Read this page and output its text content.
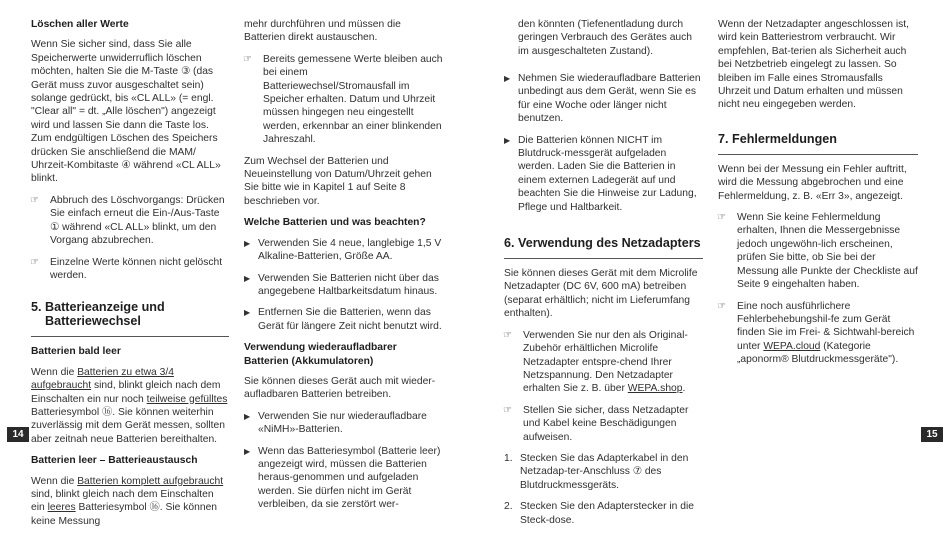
Löschen aller Werte

Wenn Sie sicher sind, dass Sie alle Speicherwerte unwiderruflich löschen möchten, halten Sie die M-Taste ③ (das Gerät muss zuvor ausgeschaltet sein) solange gedrückt, bis «CL ALL» (= engl. "Clear all" = dt. „Alle löschen") angezeigt wird und lassen Sie dann die Taste los. Zum endgültigen Löschen des Speichers drücken Sie anschließend die MAM/ Uhrzeit-Kombitaste ④ während «CL ALL» blinkt.

☞ Abbruch des Löschvorgangs: Drücken Sie einfach erneut die Ein-/Aus-Taste ① während «CL ALL» blinkt, um den Vorgang abzubrechen.
☞ Einzelne Werte können nicht gelöscht werden.
5. Batterieanzeige und
Batteriewechsel
Batterien bald leer

Wenn die Batterien zu etwa 3/4 aufgebraucht sind, blinkt gleich nach dem Einschalten ein nur noch teilweise gefülltes Batteriesymbol ⑯. Sie können weiterhin zuverlässig mit dem Gerät messen, sollten aber zeitnah neue Batterien bereithalten.

Batterien leer – Batterieaustausch

Wenn die Batterien komplett aufgebraucht sind, blinkt gleich nach dem Einschalten ein leeres Batteriesymbol ⑯. Sie können keine Messung

mehr durchführen und müssen die Batterien direkt austauschen.

☞ Bereits gemessene Werte bleiben auch bei einem Batteriewechsel/Stromausfall im Speicher erhalten. Datum und Uhrzeit müssen hingegen neu eingestellt werden, erkennbar an einer blinkenden Jahreszahl.

Zum Wechsel der Batterien und Neueinstellung von Datum/Uhrzeit gehen Sie bitte wie in Kapitel 1 auf Seite 8 beschrieben vor.

Welche Batterien und was beachten?
▶ Verwenden Sie 4 neue, langlebige 1,5 V Alkaline-Batterien, Größe AA.
▶ Verwenden Sie Batterien nicht über das angegebene Haltbarkeitsdatum hinaus.
▶ Entfernen Sie die Batterien, wenn das Gerät für längere Zeit nicht benutzt wird.
Verwendung wiederaufladbarer Batterien (Akkumulatoren)

Sie können dieses Gerät auch mit wieder-aufladbaren Batterien betreiben.

▶ Verwenden Sie nur wiederaufladbare «NiMH»-Batterien.
▶ Wenn das Batteriesymbol (Batterie leer) angezeigt wird, müssen die Batterien heraus-genommen und aufgeladen werden. Sie dürfen nicht im Gerät verbleiben, da sie zerstört wer-

den könnten (Tiefenentladung durch geringen Verbrauch des Gerätes auch im ausgeschalteten Zustand).

▶ Nehmen Sie wiederaufladbare Batterien unbedingt aus dem Gerät, wenn Sie es für eine Woche oder länger nicht benutzen.
▶ Die Batterien können NICHT im Blutdruck-messgerät aufgeladen werden. Laden Sie die Batterien in einem externen Ladegerät auf und beachten Sie die Hinweise zur Ladung, Pflege und Haltbarkeit.
6. Verwendung des Netzadapters

Sie können dieses Gerät mit dem Microlife Netzadapter (DC 6V, 600 mA) betreiben (separat erhältlich; nicht im Lieferumfang enthalten).

☞ Verwenden Sie nur den als Original-Zubehör erhältlichen Microlife Netzadapter entspre-chend Ihrer Netzspannung. Den Netzadapter erhalten Sie z. B. über WEPA.shop.
☞ Stellen Sie sicher, dass Netzadapter und Kabel keine Beschädigungen aufweisen.
1. Stecken Sie das Adapterkabel in den Netzadap-ter-Anschluss ⑦ des Blutdruckmessgeräts.
2. Stecken Sie den Adapterstecker in die Steck-dose.

Wenn der Netzadapter angeschlossen ist, wird kein Batteriestrom verbraucht. Wir empfehlen, Bat-terien als Sicherheit auch bei Netzbetrieb eingelegt zu lassen. So bleiben im Falle eines Stromausfalls Uhrzeit und Datum erhalten und müssen nicht neu eingegeben werden.

7. Fehlermeldungen

Wenn bei der Messung ein Fehler auftritt, wird die Messung abgebrochen und eine Fehlermeldung, z. B. «Err 3», angezeigt.

☞ Wenn Sie keine Fehlermeldung erhalten, Ihnen die Messergebnisse jedoch ungewöhn-lich erscheinen, prüfen Sie bitte, ob Sie bei der Messung alle Punkte der Checkliste auf Seite 9 eingehalten haben.
☞ Eine noch ausführlichere Fehlerbehebungshil-fe zum Gerät finden Sie im Frei- & Sichtwahl-bereich unter WEPA.cloud (Kategorie „aponorm® Blutdruckmessgeräte").
14	15
